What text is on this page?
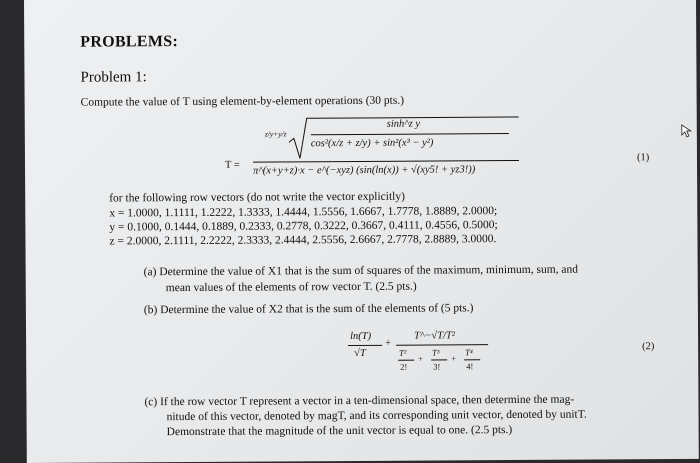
PROBLEMS:
Problem 1:
Compute the value of T using element-by-element operations (30 pts.)
T =
z/y+y/z
sinh^z y
cos²(x/z + z/y) + sin²(x³ − y²)
π^(x+y+z)·x − e^(−xyz) (sin(ln(x)) + √(xy5! + yz3!))
(1)
for the following row vectors (do not write the vector explicitly)
x = 1.0000, 1.1111, 1.2222, 1.3333, 1.4444, 1.5556, 1.6667, 1.7778, 1.8889, 2.0000;
y = 0.1000, 0.1444, 0.1889, 0.2333, 0.2778, 0.3222, 0.3667, 0.4111, 0.4556, 0.5000;
z = 2.0000, 2.1111, 2.2222, 2.3333, 2.4444, 2.5556, 2.6667, 2.7778, 2.8889, 3.0000.
(a) Determine the value of X1 that is the sum of squares of the maximum, minimum, sum, and
mean values of the elements of row vector T. (2.5 pts.)
(b) Determine the value of X2 that is the sum of the elements of (5 pts.)
ln(T)
√T
+
T^−√T/T²
T²
2!
+
T³
3!
+
T⁴
4!
(2)
(c) If the row vector T represent a vector in a ten-dimensional space, then determine the mag-
nitude of this vector, denoted by magT, and its corresponding unit vector, denoted by unitT.
Demonstrate that the magnitude of the unit vector is equal to one. (2.5 pts.)
